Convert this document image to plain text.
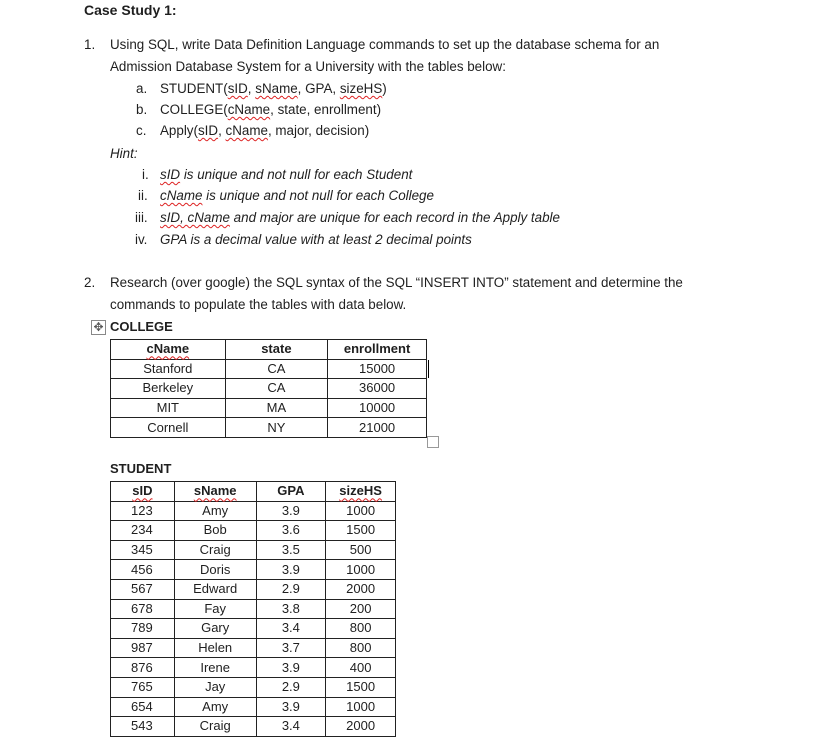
Case Study 1:
1. Using SQL, write Data Definition Language commands to set up the database schema for an
Admission Database System for a University with the tables below:
a. STUDENT(sID, sName, GPA, sizeHS)
b. COLLEGE(cName, state, enrollment)
c. Apply(sID, cName, major, decision)
Hint:
i. sID is unique and not null for each Student
ii. cName is unique and not null for each College
iii. sID, cName and major are unique for each record in the Apply table
iv. GPA is a decimal value with at least 2 decimal points
2. Research (over google) the SQL syntax of the SQL “INSERT INTO” statement and determine the
commands to populate the tables with data below.
✥ COLLEGE
cName	state	enrollment
Stanford	CA	15000
Berkeley	CA	36000
MIT	MA	10000
Cornell	NY	21000
STUDENT
sID	sName	GPA	sizeHS
123	Amy	3.9	1000
234	Bob	3.6	1500
345	Craig	3.5	500
456	Doris	3.9	1000
567	Edward	2.9	2000
678	Fay	3.8	200
789	Gary	3.4	800
987	Helen	3.7	800
876	Irene	3.9	400
765	Jay	2.9	1500
654	Amy	3.9	1000
543	Craig	3.4	2000
